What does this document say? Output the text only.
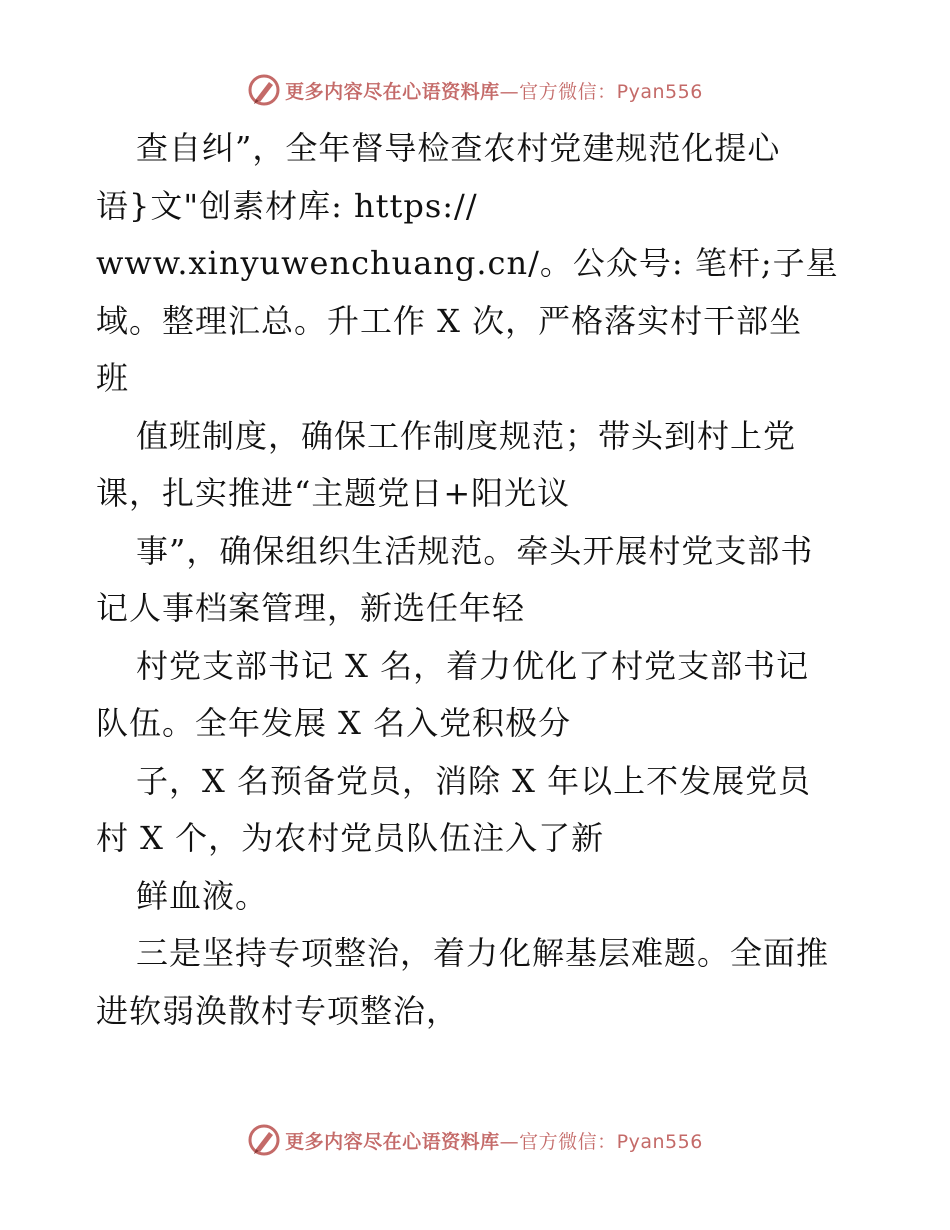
更多内容尽在心语资料库 —官方微信：Pyan556
查自纠”，全年督导检查农村党建规范化提心
语}文"创素材库: https://
www.xinyuwenchuang.cn/。公众号: 笔杆;子星
域。整理汇总。升工作 X 次，严格落实村干部坐
班
值班制度，确保工作制度规范；带头到村上党
课，扎实推进“主题党日+阳光议
事”，确保组织生活规范。牵头开展村党支部书
记人事档案管理，新选任年轻
村党支部书记 X 名，着力优化了村党支部书记
队伍。全年发展 X 名入党积极分
子，X 名预备党员，消除 X 年以上不发展党员
村 X 个，为农村党员队伍注入了新
鲜血液。
三是坚持专项整治，着力化解基层难题。全面推
进软弱涣散村专项整治，
更多内容尽在心语资料库 —官方微信：Pyan556
